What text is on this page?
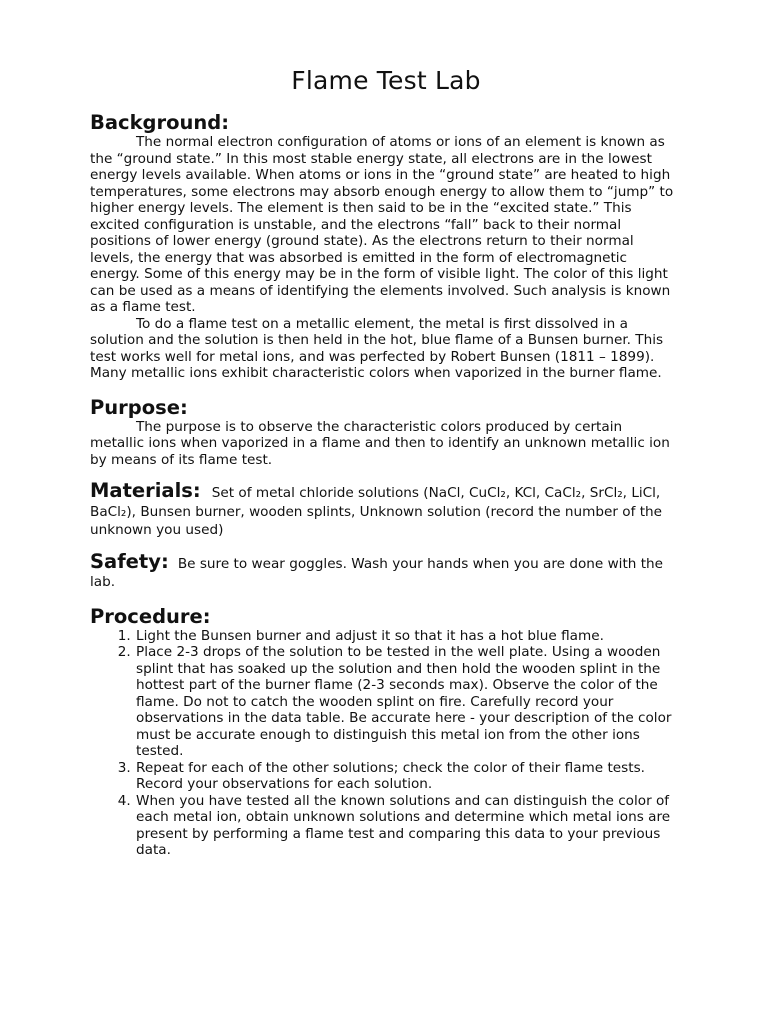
Flame Test Lab
Background:

The normal electron configuration of atoms or ions of an element is known as the “ground state.” In this most stable energy state, all electrons are in the lowest energy levels available. When atoms or ions in the “ground state” are heated to high temperatures, some electrons may absorb enough energy to allow them to “jump” to higher energy levels. The element is then said to be in the “excited state.” This excited configuration is unstable, and the electrons “fall” back to their normal positions of lower energy (ground state). As the electrons return to their normal levels, the energy that was absorbed is emitted in the form of electromagnetic energy. Some of this energy may be in the form of visible light. The color of this light can be used as a means of identifying the elements involved. Such analysis is known as a flame test.

To do a flame test on a metallic element, the metal is first dissolved in a solution and the solution is then held in the hot, blue flame of a Bunsen burner. This test works well for metal ions, and was perfected by Robert Bunsen (1811 – 1899). Many metallic ions exhibit characteristic colors when vaporized in the burner flame.

Purpose:

The purpose is to observe the characteristic colors produced by certain metallic ions when vaporized in a flame and then to identify an unknown metallic ion by means of its flame test.

Materials: Set of metal chloride solutions (NaCl, CuCl₂, KCl, CaCl₂, SrCl₂, LiCl, BaCl₂), Bunsen burner, wooden splints, Unknown solution (record the number of the unknown you used)
Safety: Be sure to wear goggles. Wash your hands when you are done with the lab.
Procedure:
1. Light the Bunsen burner and adjust it so that it has a hot blue flame.
2. Place 2-3 drops of the solution to be tested in the well plate. Using a wooden splint that has soaked up the solution and then hold the wooden splint in the hottest part of the burner flame (2-3 seconds max). Observe the color of the flame. Do not to catch the wooden splint on fire. Carefully record your observations in the data table. Be accurate here - your description of the color must be accurate enough to distinguish this metal ion from the other ions tested.
3. Repeat for each of the other solutions; check the color of their flame tests. Record your observations for each solution.
4. When you have tested all the known solutions and can distinguish the color of each metal ion, obtain unknown solutions and determine which metal ions are present by performing a flame test and comparing this data to your previous data.
